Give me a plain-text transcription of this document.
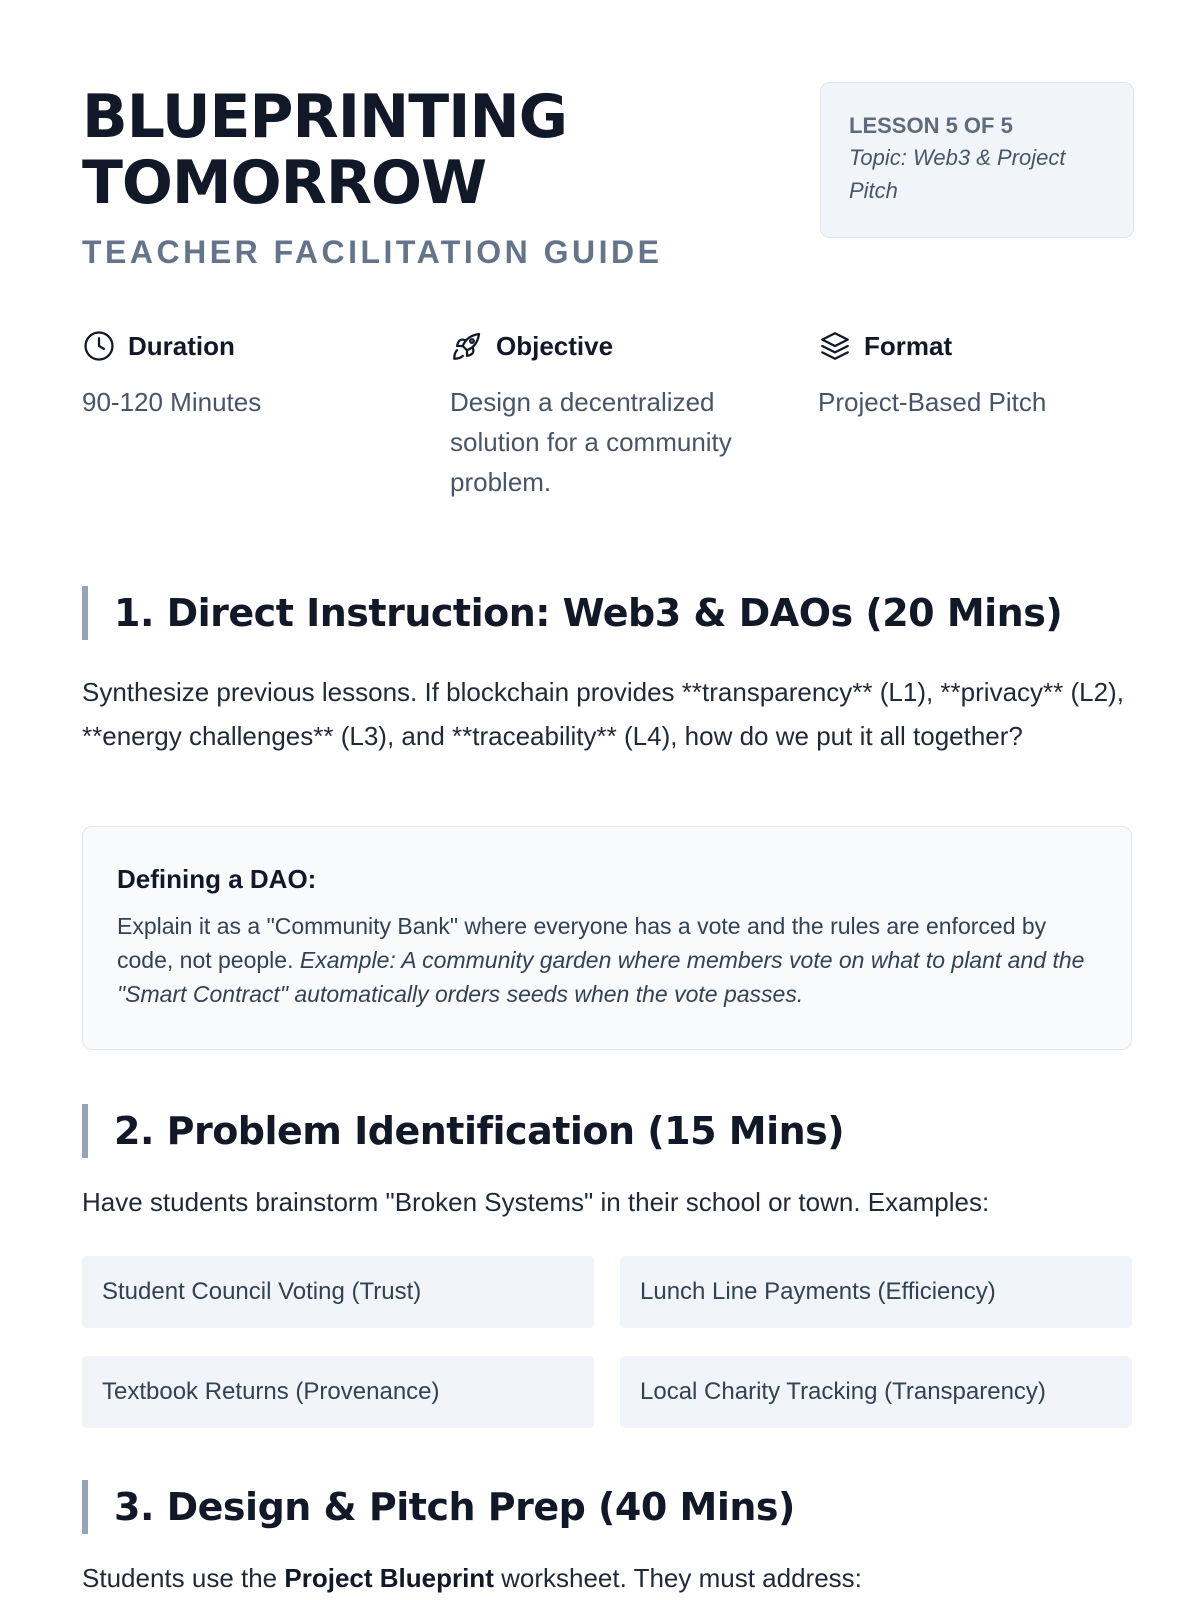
BLUEPRINTING
TOMORROW
TEACHER FACILITATION GUIDE
LESSON 5 OF 5
Topic: Web3 & Project Pitch
Duration
90-120 Minutes
Objective
Design a decentralized solution for a community problem.
Format
Project-Based Pitch
1. Direct Instruction: Web3 & DAOs (20 Mins)

Synthesize previous lessons. If blockchain provides **transparency** (L1), **privacy** (L2), **energy challenges** (L3), and **traceability** (L4), how do we put it all together?

Defining a DAO:
Explain it as a "Community Bank" where everyone has a vote and the rules are enforced by code, not people. Example: A community garden where members vote on what to plant and the "Smart Contract" automatically orders seeds when the vote passes.
2. Problem Identification (15 Mins)

Have students brainstorm "Broken Systems" in their school or town. Examples:

Student Council Voting (Trust)	Lunch Line Payments (Efficiency)
Textbook Returns (Provenance)	Local Charity Tracking (Transparency)
3. Design & Pitch Prep (40 Mins)

Students use the Project Blueprint worksheet. They must address:
